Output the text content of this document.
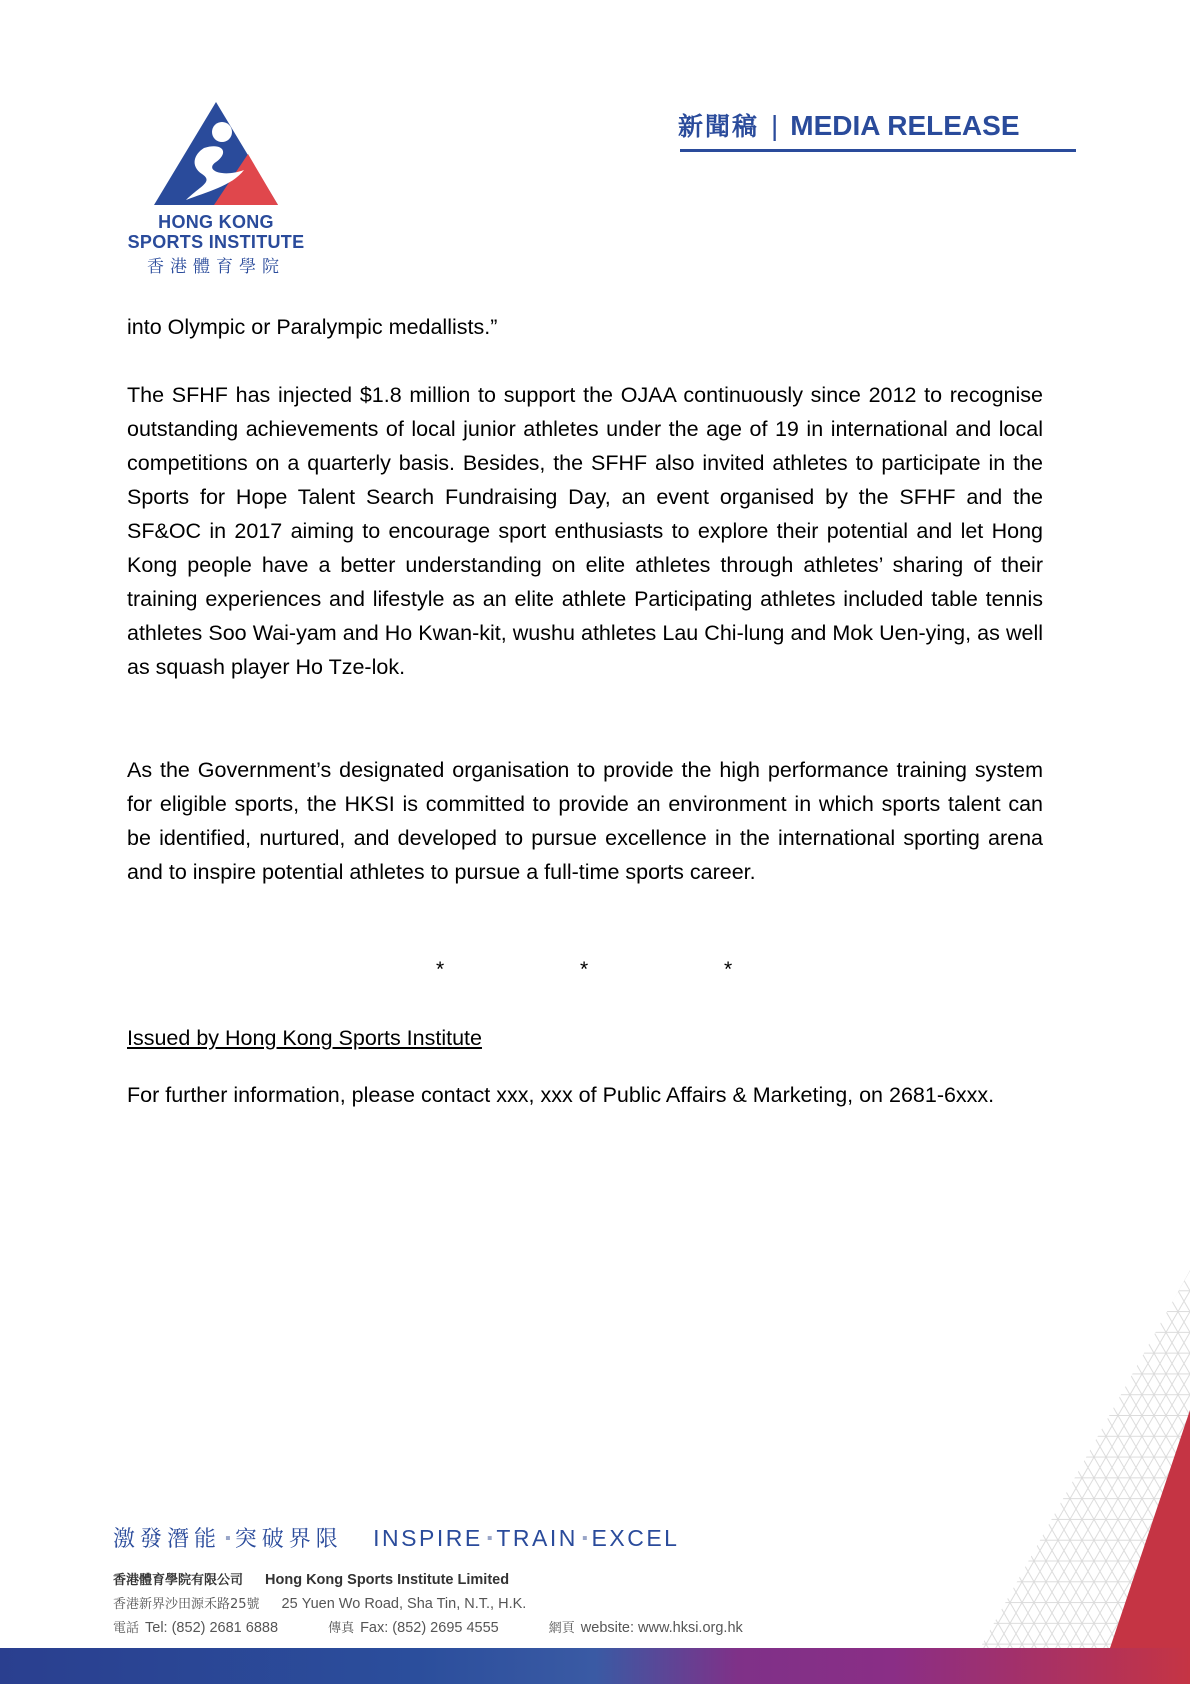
HONG KONG
SPORTS INSTITUTE
香港體育學院
新聞稿 | MEDIA RELEASE
into Olympic or Paralympic medallists.”
The SFHF has injected $1.8 million to support the OJAA continuously since 2012 to recognise outstanding achievements of local junior athletes under the age of 19 in international and local competitions on a quarterly basis. Besides, the SFHF also invited athletes to participate in the Sports for Hope Talent Search Fundraising Day, an event organised by the SFHF and the SF&OC in 2017 aiming to encourage sport enthusiasts to explore their potential and let Hong Kong people have a better understanding on elite athletes through athletes’ sharing of their training experiences and lifestyle as an elite athlete Participating athletes included table tennis athletes Soo Wai-yam and Ho Kwan-kit, wushu athletes Lau Chi-lung and Mok Uen-ying, as well as squash player Ho Tze-lok.
As the Government’s designated organisation to provide the high performance training system for eligible sports, the HKSI is committed to provide an environment in which sports talent can be identified, nurtured, and developed to pursue excellence in the international sporting arena and to inspire potential athletes to pursue a full-time sports career.
*	*	*
Issued by Hong Kong Sports Institute
For further information, please contact xxx, xxx of Public Affairs & Marketing, on 2681-6xxx.
激發潛能 ▪ 突破界限 INSPIRE ▪ TRAIN ▪ EXCEL
香港體育學院有限公司 Hong Kong Sports Institute Limited
香港新界沙田源禾路25號 25 Yuen Wo Road, Sha Tin, N.T., H.K.
電話 Tel: (852) 2681 6888	傳真 Fax: (852) 2695 4555	網頁 website: www.hksi.org.hk
